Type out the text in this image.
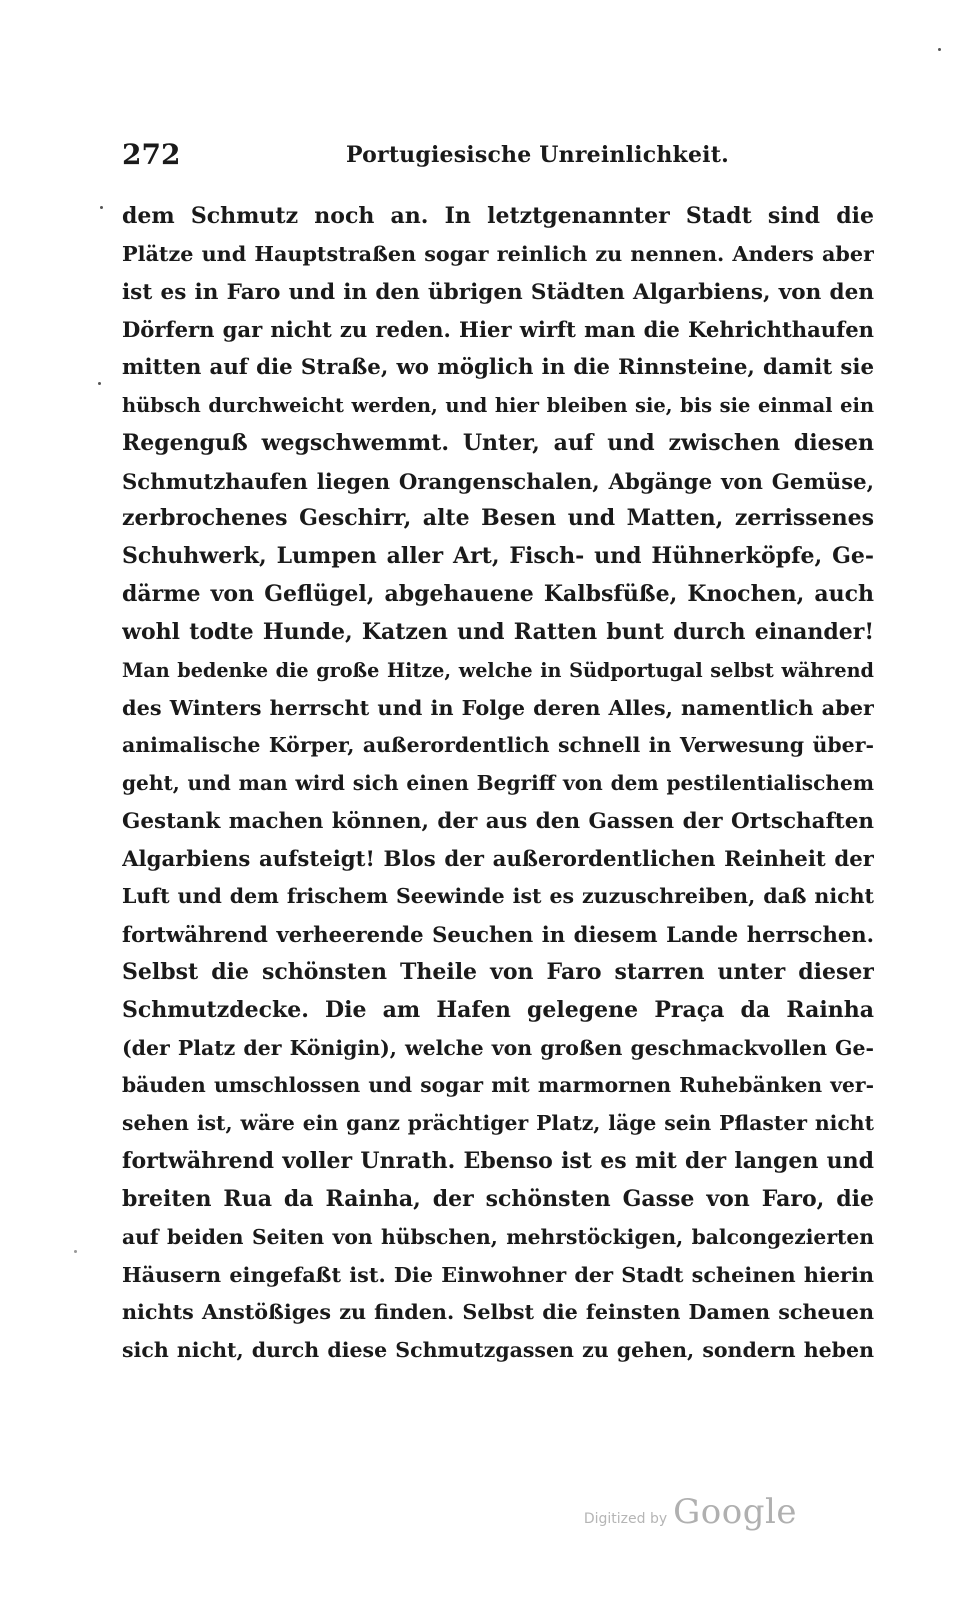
272	Portugiesische Unreinlichkeit.
dem Schmutz noch an. In letztgenannter Stadt sind die
Plätze und Hauptstraßen sogar reinlich zu nennen. Anders aber
ist es in Faro und in den übrigen Städten Algarbiens, von den
Dörfern gar nicht zu reden. Hier wirft man die Kehrichthaufen
mitten auf die Straße, wo möglich in die Rinnsteine, damit sie
hübsch durchweicht werden, und hier bleiben sie, bis sie einmal ein
Regenguß wegschwemmt. Unter, auf und zwischen diesen
Schmutzhaufen liegen Orangenschalen, Abgänge von Gemüse,
zerbrochenes Geschirr, alte Besen und Matten, zerrissenes
Schuhwerk, Lumpen aller Art, Fisch- und Hühnerköpfe, Ge-
därme von Geflügel, abgehauene Kalbsfüße, Knochen, auch
wohl todte Hunde, Katzen und Ratten bunt durch einander!
Man bedenke die große Hitze, welche in Südportugal selbst während
des Winters herrscht und in Folge deren Alles, namentlich aber
animalische Körper, außerordentlich schnell in Verwesung über-
geht, und man wird sich einen Begriff von dem pestilentialischem
Gestank machen können, der aus den Gassen der Ortschaften
Algarbiens aufsteigt! Blos der außerordentlichen Reinheit der
Luft und dem frischem Seewinde ist es zuzuschreiben, daß nicht
fortwährend verheerende Seuchen in diesem Lande herrschen.
Selbst die schönsten Theile von Faro starren unter dieser
Schmutzdecke. Die am Hafen gelegene Praça da Rainha
(der Platz der Königin), welche von großen geschmackvollen Ge-
bäuden umschlossen und sogar mit marmornen Ruhebänken ver-
sehen ist, wäre ein ganz prächtiger Platz, läge sein Pflaster nicht
fortwährend voller Unrath. Ebenso ist es mit der langen und
breiten Rua da Rainha, der schönsten Gasse von Faro, die
auf beiden Seiten von hübschen, mehrstöckigen, balcongezierten
Häusern eingefaßt ist. Die Einwohner der Stadt scheinen hierin
nichts Anstößiges zu finden. Selbst die feinsten Damen scheuen
sich nicht, durch diese Schmutzgassen zu gehen, sondern heben
Digitized by Google
